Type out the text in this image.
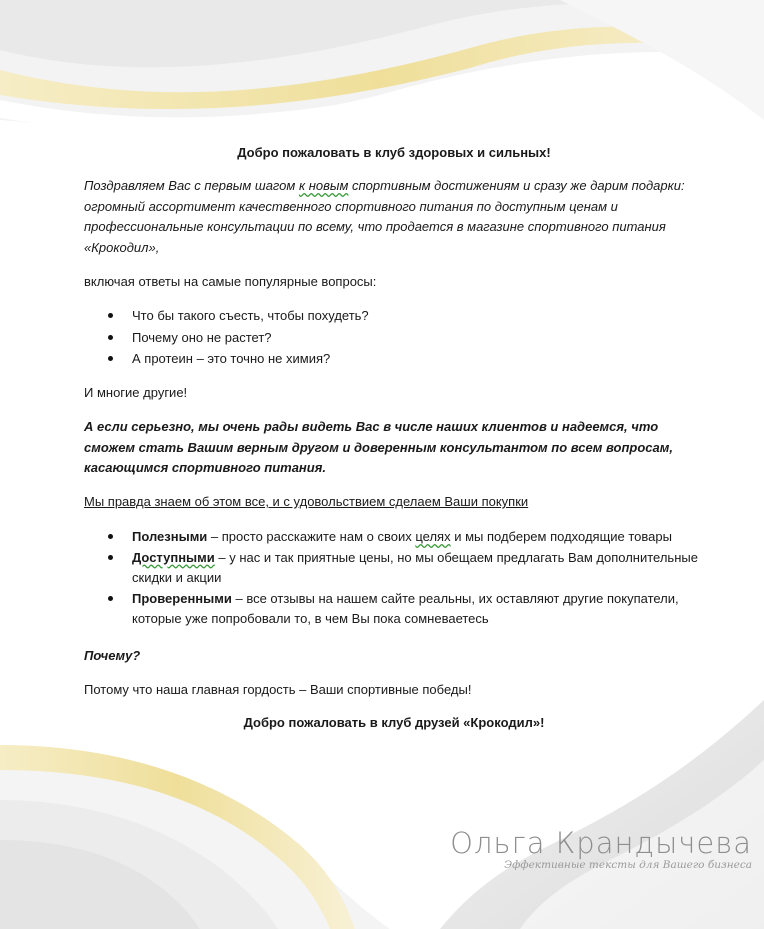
Добро пожаловать в клуб здоровых и сильных!

Поздравляем Вас с первым шагом к новым спортивным достижениям и сразу же дарим подарки: огромный ассортимент качественного спортивного питания по доступным ценам и профессиональные консультации по всему, что продается в магазине спортивного питания «Крокодил»,

включая ответы на самые популярные вопросы:

Что бы такого съесть, чтобы похудеть?
Почему оно не растет?
А протеин – это точно не химия?

И многие другие!

А если серьезно, мы очень рады видеть Вас в числе наших клиентов и надеемся, что сможем стать Вашим верным другом и доверенным консультантом по всем вопросам, касающимся спортивного питания.

Мы правда знаем об этом все, и с удовольствием сделаем Ваши покупки

Полезными – просто расскажите нам о своих целях и мы подберем подходящие товары
Доступными – у нас и так приятные цены, но мы обещаем предлагать Вам дополнительные скидки и акции
Проверенными – все отзывы на нашем сайте реальны, их оставляют другие покупатели, которые уже попробовали то, в чем Вы пока сомневаетесь

Почему?

Потому что наша главная гордость – Ваши спортивные победы!

Добро пожаловать в клуб друзей «Крокодил»!

Ольга Крандычева
Эффективные тексты для Вашего бизнеса
